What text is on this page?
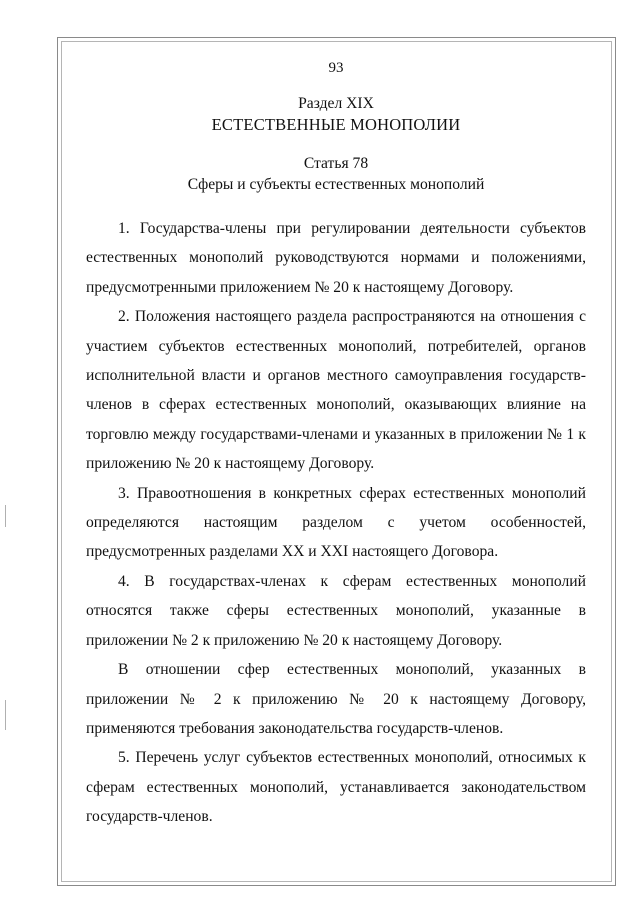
93

Раздел XIX

ЕСТЕСТВЕННЫЕ МОНОПОЛИИ

Статья 78

Сферы и субъекты естественных монополий

1. Государства-члены при регулировании деятельности субъектов естественных монополий руководствуются нормами и положениями, предусмотренными приложением № 20 к настоящему Договору.

2. Положения настоящего раздела распространяются на отношения с участием субъектов естественных монополий, потребителей, органов исполнительной власти и органов местного самоуправления государств-членов в сферах естественных монополий, оказывающих влияние на торговлю между государствами-членами и указанных в приложении № 1 к приложению № 20 к настоящему Договору.

3. Правоотношения в конкретных сферах естественных монополий определяются настоящим разделом с учетом особенностей, предусмотренных разделами XX и XXI настоящего Договора.

4. В государствах-членах к сферам естественных монополий относятся также сферы естественных монополий, указанные в приложении № 2 к приложению № 20 к настоящему Договору.

В отношении сфер естественных монополий, указанных в приложении № 2 к приложению № 20 к настоящему Договору, применяются требования законодательства государств-членов.

5. Перечень услуг субъектов естественных монополий, относимых к сферам естественных монополий, устанавливается законодательством государств-членов.
